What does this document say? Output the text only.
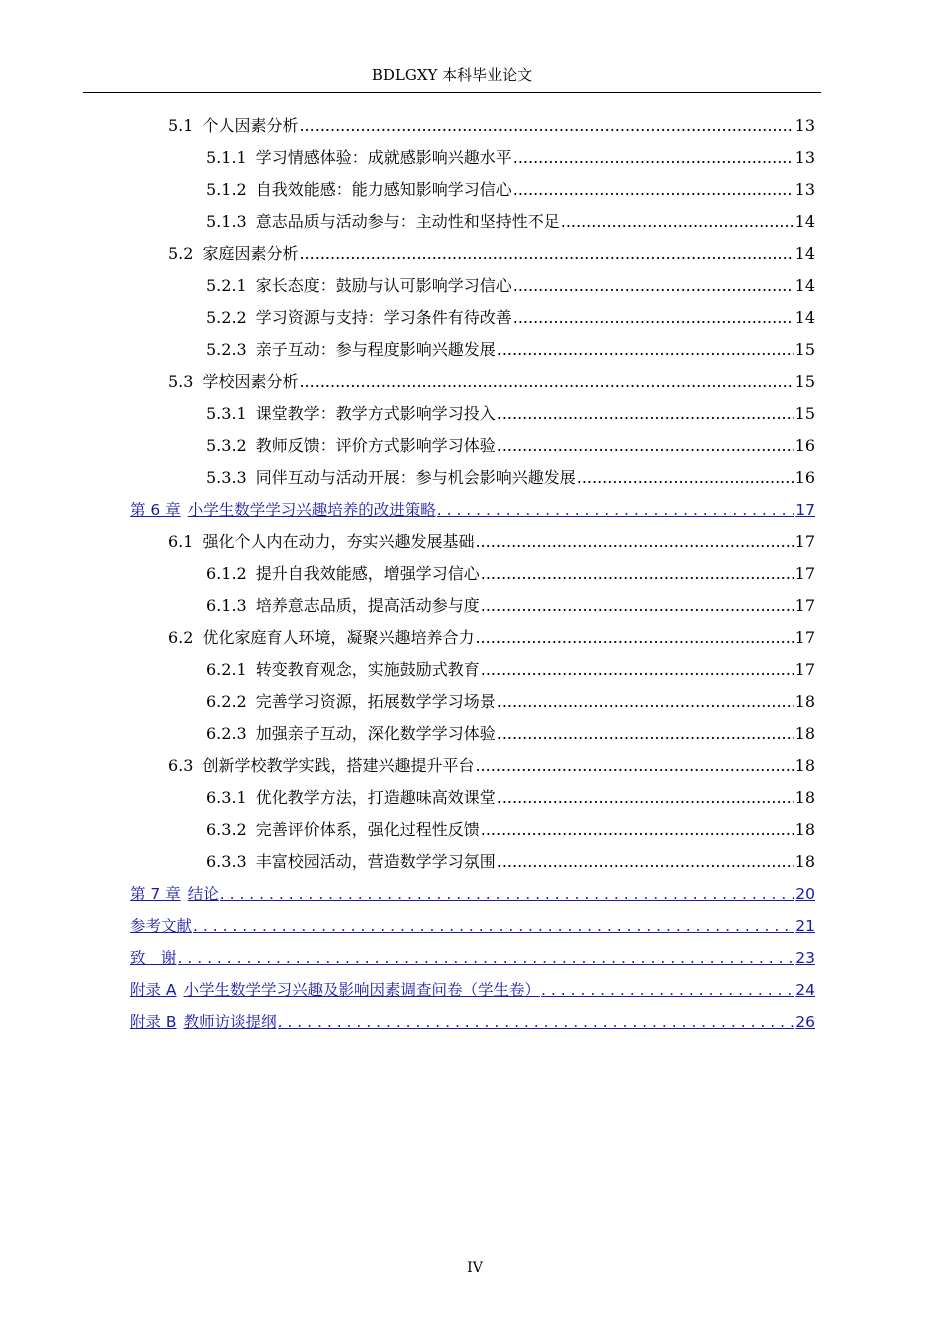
BDLGXY 本科毕业论文
5.1 个人因素分析 .....	13
5.1.1 学习情感体验：成就感影响兴趣水平 .....	13
5.1.2 自我效能感：能力感知影响学习信心 .....	13
5.1.3 意志品质与活动参与：主动性和坚持性不足 .....	14
5.2 家庭因素分析 .....	14
5.2.1 家长态度：鼓励与认可影响学习信心 .....	14
5.2.2 学习资源与支持：学习条件有待改善 .....	14
5.2.3 亲子互动：参与程度影响兴趣发展 .....	15
5.3 学校因素分析 .....	15
5.3.1 课堂教学：教学方式影响学习投入 .....	15
5.3.2 教师反馈：评价方式影响学习体验 .....	16
5.3.3 同伴互动与活动开展：参与机会影响兴趣发展 .....	16
第 6 章 小学生数学学习兴趣培养的改进策略 . . .	17
6.1 强化个人内在动力，夯实兴趣发展基础 .....	17
6.1.2 提升自我效能感，增强学习信心 .....	17
6.1.3 培养意志品质，提高活动参与度 .....	17
6.2 优化家庭育人环境，凝聚兴趣培养合力 .....	17
6.2.1 转变教育观念，实施鼓励式教育 .....	17
6.2.2 完善学习资源，拓展数学学习场景 .....	18
6.2.3 加强亲子互动，深化数学学习体验 .....	18
6.3 创新学校教学实践，搭建兴趣提升平台 .....	18
6.3.1 优化教学方法，打造趣味高效课堂 .....	18
6.3.2 完善评价体系，强化过程性反馈 .....	18
6.3.3 丰富校园活动，营造数学学习氛围 .....	18
第 7 章 结论 . . .	20
参考文献 . . .	21
致　谢 . . .	23
附录 A 小学生数学学习兴趣及影响因素调查问卷（学生卷） . . .	24
附录 B 教师访谈提纲 . . .	26
IV
